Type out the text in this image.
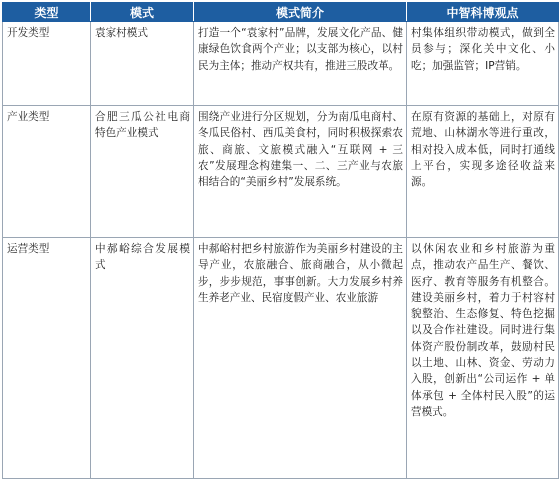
类型	模式	模式简介	中智科博观点
开发类型	袁家村模式	打造一个“袁家村”品牌，发展文化产品、健康绿色饮食两个产业；以支部为核心，以村民为主体；推动产权共有，推进三股改革。	村集体组织带动模式，做到全员参与；深化关中文化、小吃；加强监管；IP营销。
产业类型	合肥三瓜公社电商特色产业模式	围绕产业进行分区规划，分为南瓜电商村、冬瓜民俗村、西瓜美食村，同时积极探索农旅、商旅、文旅模式融入“互联网 + 三农”发展理念构建集一、二、三产业与农旅相结合的“美丽乡村”发展系统。	在原有资源的基础上，对原有荒地、山林湖水等进行重改，相对投入成本低，同时打通线上平台，实现多途径收益来源。
运营类型	中郝峪综合发展模式	中郝峪村把乡村旅游作为美丽乡村建设的主导产业，农旅融合、旅商融合，从小微起步，步步规范，事事创新。大力发展乡村养生养老产业、民宿度假产业、农业旅游	以休闲农业和乡村旅游为重点，推动农产品生产、餐饮、医疗、教育等服务有机整合。建设美丽乡村，着力于村容村貌整治、生态修复、特色挖掘以及合作社建设。同时进行集体资产股份制改革，鼓励村民以土地、山林、资金、劳动力入股，创新出“公司运作 + 单体承包 + 全体村民入股”的运营模式。
